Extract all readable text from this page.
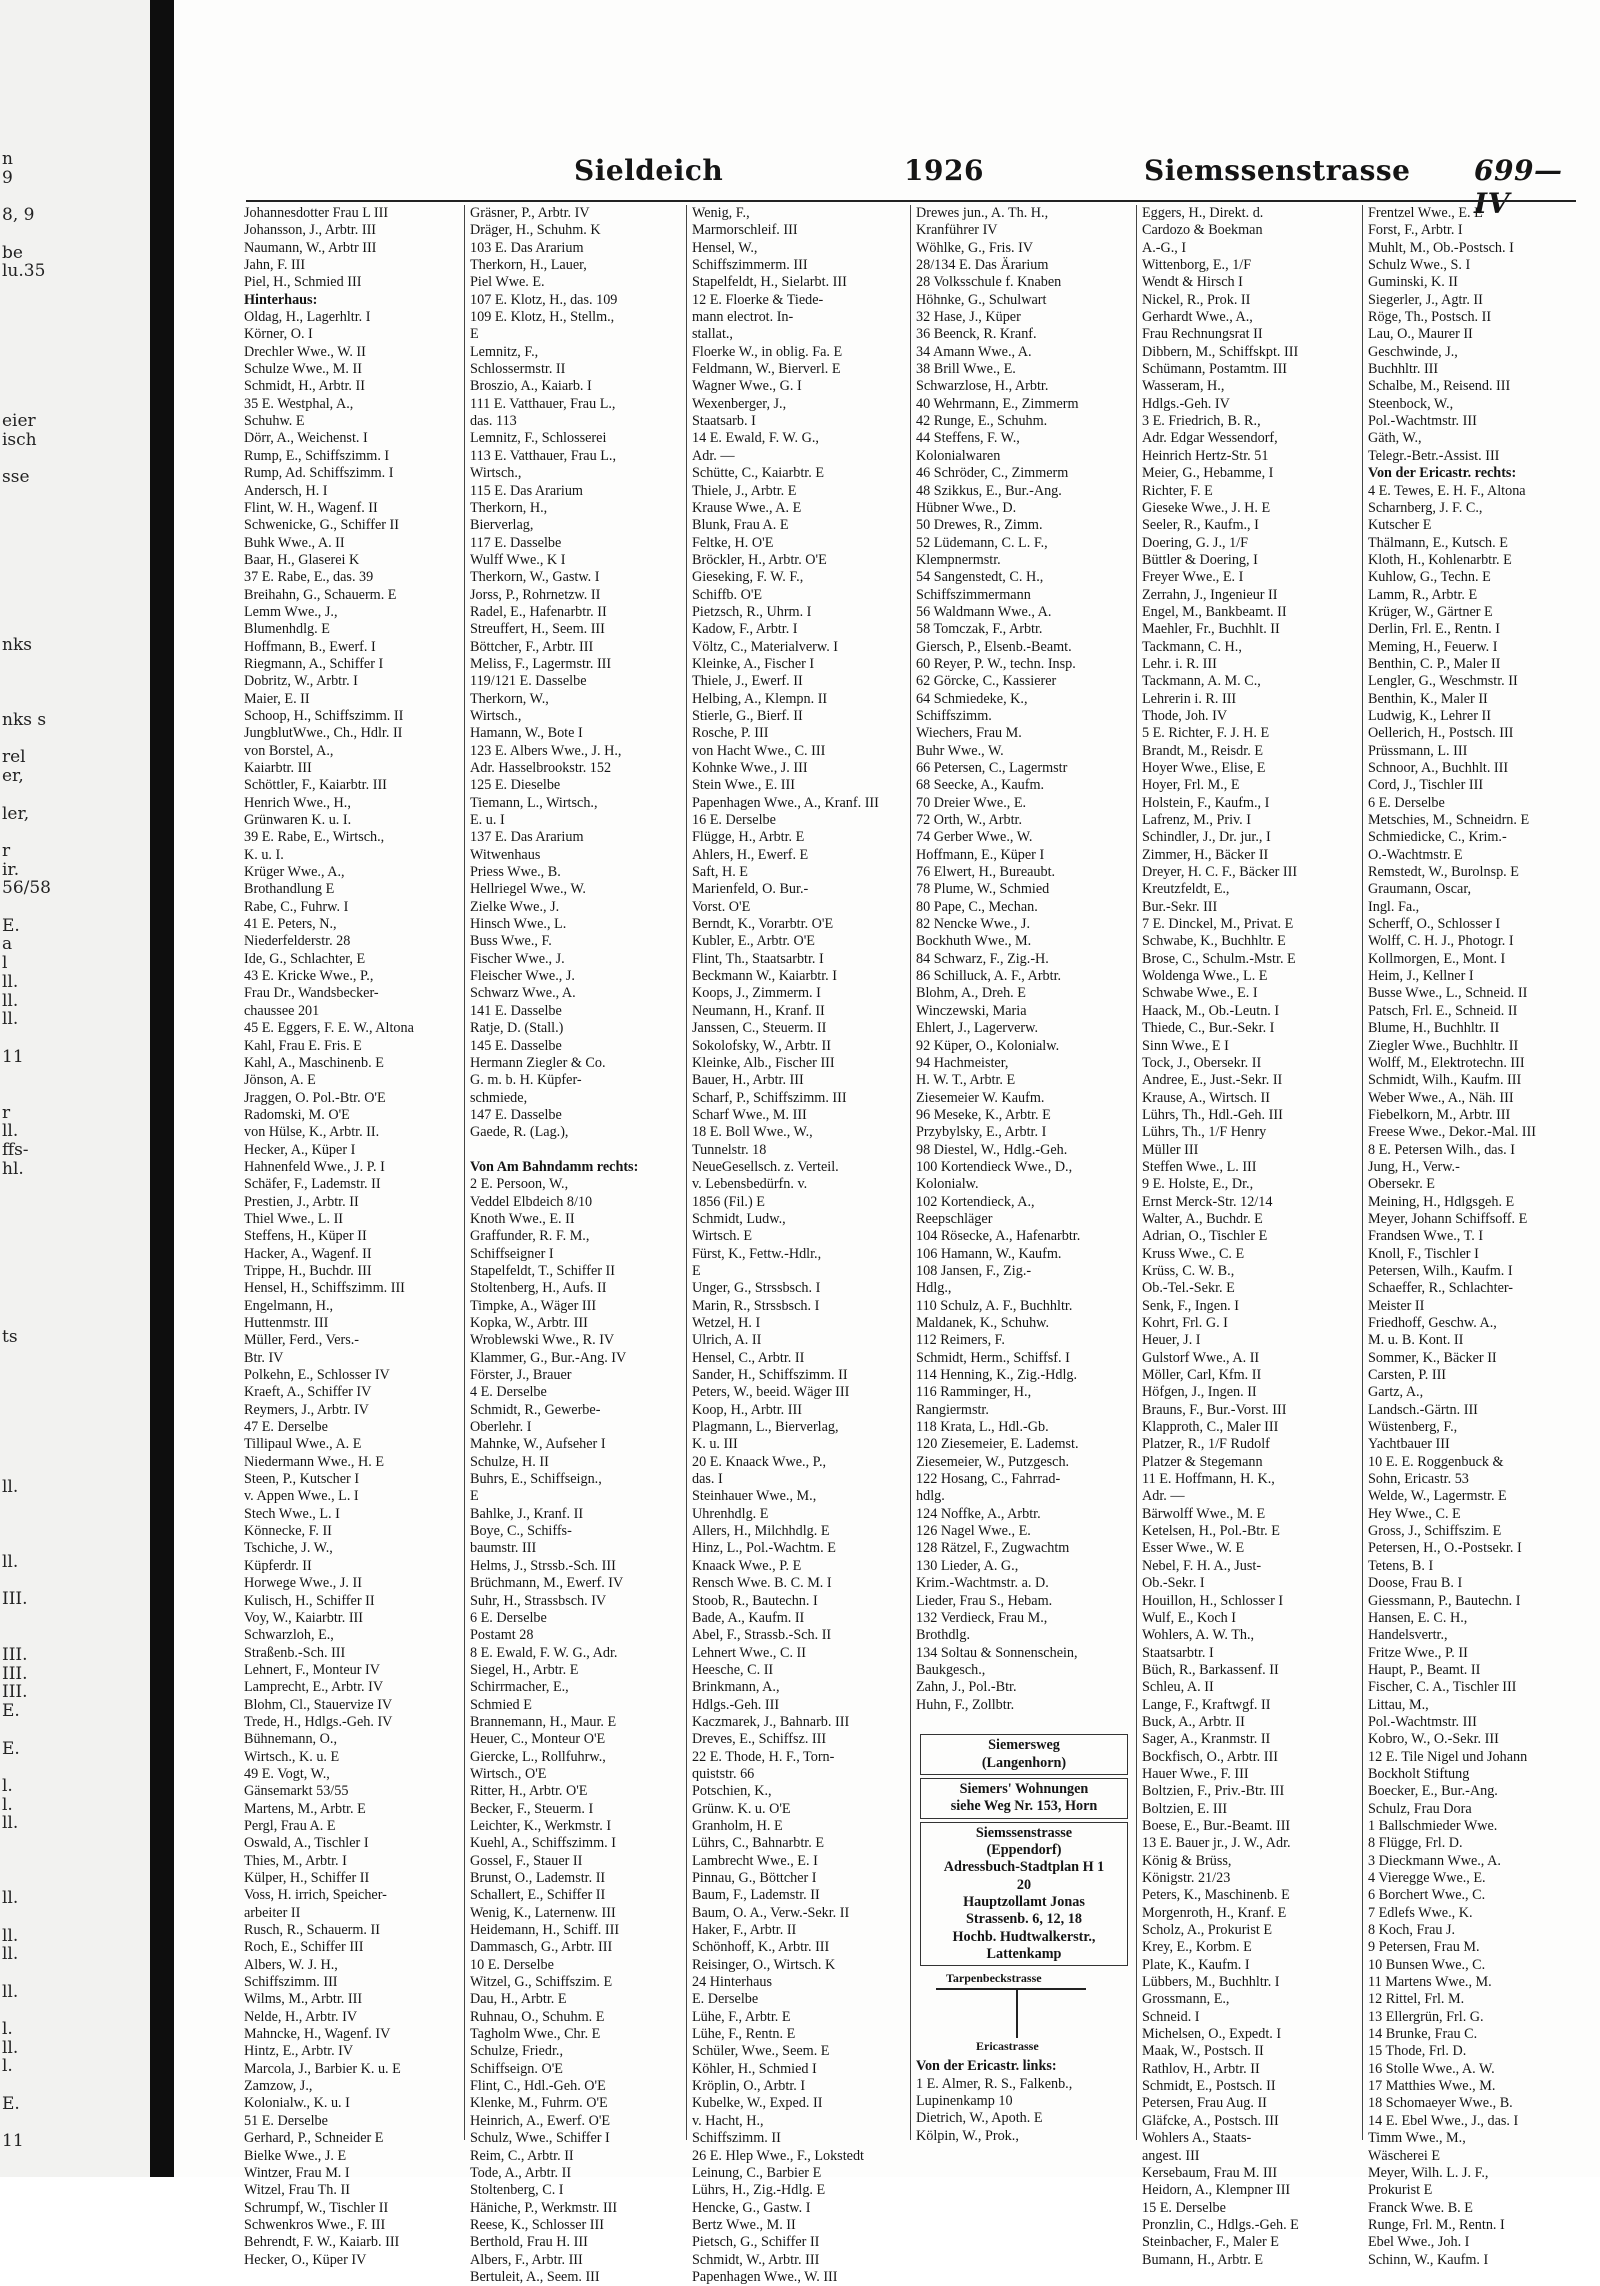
n
9
8, 9
be
lu.35
eier
isch
sse
nks
nks s
rel
er,
ler,
r
ir.
56/58
E.
a
l
ll.
ll.
ll.
11
r
ll.
ffs-
hl.
ts
ll.
ll.
III.
III.
III.
III.
E.
E.
l.
l.
ll.
ll.
ll.
ll.
ll.
l.
ll.
l.
E.
11
Sieldeich	1926	Siemssenstrasse 699—IV
Johannesdotter Frau L III
Johansson, J., Arbtr. III
Naumann, W., Arbtr III
Jahn, F. III
Piel, H., Schmied III
Hinterhaus:
Oldag, H., Lagerhltr. I
Körner, O. I
Drechler Wwe., W. II
Schulze Wwe., M. II
Schmidt, H., Arbtr. II
35 E. Westphal, A.,
Schuhw. E
Dörr, A., Weichenst. I
Rump, E., Schiffszimm. I
Rump, Ad. Schiffszimm. I
Andersch, H. I
Flint, W. H., Wagenf. II
Schwenicke, G., Schiffer II
Buhk Wwe., A. II
Baar, H., Glaserei K
37 E. Rabe, E., das. 39
Breihahn, G., Schauerm. E
Lemm Wwe., J.,
Blumenhdlg. E
Hoffmann, B., Ewerf. I
Riegmann, A., Schiffer I
Dobritz, W., Arbtr. I
Maier, E. II
Schoop, H., Schiffszimm. II
JungblutWwe., Ch., Hdlr. II
von Borstel, A.,
Kaiarbtr. III
Schöttler, F., Kaiarbtr. III
Henrich Wwe., H.,
Grünwaren K. u. I.
39 E. Rabe, E., Wirtsch.,
K. u. I.
Krüger Wwe., A.,
Brothandlung E
Rabe, C., Fuhrw. I
41 E. Peters, N.,
Niederfelderstr. 28
Ide, G., Schlachter, E
43 E. Kricke Wwe., P.,
Frau Dr., Wandsbecker-
chaussee 201
45 E. Eggers, F. E. W., Altona
Kahl, Frau E. Fris. E
Kahl, A., Maschinenb. E
Jönson, A. E
Jraggen, O. Pol.-Btr. O'E
Radomski, M. O'E
von Hülse, K., Arbtr. II.
Hecker, A., Küper I
Hahnenfeld Wwe., J. P. I
Schäfer, F., Lademstr. II
Prestien, J., Arbtr. II
Thiel Wwe., L. II
Steffens, H., Küper II
Hacker, A., Wagenf. II
Trippe, H., Buchdr. III
Hensel, H., Schiffszimm. III
Engelmann, H.,
Huttenmstr. III
Müller, Ferd., Vers.-
Btr. IV
Polkehn, E., Schlosser IV
Kraeft, A., Schiffer IV
Reymers, J., Arbtr. IV
47 E. Derselbe
Tillipaul Wwe., A. E
Niedermann Wwe., H. E
Steen, P., Kutscher I
v. Appen Wwe., L. I
Stech Wwe., L. I
Könnecke, F. II
Tschiche, J. W.,
Küpferdr. II
Horwege Wwe., J. II
Kulisch, H., Schiffer II
Voy, W., Kaiarbtr. III
Schwarzloh, E.,
Straßenb.-Sch. III
Lehnert, F., Monteur IV
Lamprecht, E., Arbtr. IV
Blohm, Cl., Stauervize IV
Trede, H., Hdlgs.-Geh. IV
Bühnemann, O.,
Wirtsch., K. u. E
49 E. Vogt, W.,
Gänsemarkt 53/55
Martens, M., Arbtr. E
Pergl, Frau A. E
Oswald, A., Tischler I
Thies, M., Arbtr. I
Külper, H., Schiffer II
Voss, H. irrich, Speicher-
arbeiter II
Rusch, R., Schauerm. II
Roch, E., Schiffer III
Albers, W. J. H.,
Schiffszimm. III
Wilms, M., Arbtr. III
Nelde, H., Arbtr. IV
Mahncke, H., Wagenf. IV
Hintz, E., Arbtr. IV
Marcola, J., Barbier K. u. E
Zamzow, J.,
Kolonialw., K. u. I
51 E. Derselbe
Gerhard, P., Schneider E
Bielke Wwe., J. E
Wintzer, Frau M. I
Witzel, Frau Th. II
Schrumpf, W., Tischler II
Schwenkros Wwe., F. III
Behrendt, F. W., Kaiarb. III
Hecker, O., Küper IV
Gräsner, P., Arbtr. IV
Dräger, H., Schuhm. K
103 E. Das Ararium
Therkorn, H., Lauer,
Piel Wwe. E.
107 E. Klotz, H., das. 109
109 E. Klotz, H., Stellm.,
E
Lemnitz, F.,
Schlossermstr. II
Broszio, A., Kaiarb. I
111 E. Vatthauer, Frau L.,
das. 113
Lemnitz, F., Schlosserei
113 E. Vatthauer, Frau L.,
Wirtsch.,
115 E. Das Ararium
Therkorn, H.,
Bierverlag,
117 E. Dasselbe
Wulff Wwe., K I
Therkorn, W., Gastw. I
Jorss, P., Rohrnetzw. II
Radel, E., Hafenarbtr. II
Streuffert, H., Seem. III
Böttcher, F., Arbtr. III
Meliss, F., Lagermstr. III
119/121 E. Dasselbe
Therkorn, W.,
Wirtsch.,
Hamann, W., Bote I
123 E. Albers Wwe., J. H.,
Adr. Hasselbrookstr. 152
125 E. Dieselbe
Tiemann, L., Wirtsch.,
E. u. I
137 E. Das Ararium
Witwenhaus
Priess Wwe., B.
Hellriegel Wwe., W.
Zielke Wwe., J.
Hinsch Wwe., L.
Buss Wwe., F.
Fischer Wwe., J.
Fleischer Wwe., J.
Schwarz Wwe., A.
141 E. Dasselbe
Ratje, D. (Stall.)
145 E. Dasselbe
Hermann Ziegler & Co.
G. m. b. H. Küpfer-
schmiede,
147 E. Dasselbe
Gaede, R. (Lag.),
Von Am Bahndamm rechts:
2 E. Persoon, W.,
Veddel Elbdeich 8/10
Knoth Wwe., E. II
Graffunder, R. F. M.,
Schiffseigner I
Stapelfeldt, T., Schiffer II
Stoltenberg, H., Aufs. II
Timpke, A., Wäger III
Kopka, W., Arbtr. III
Wroblewski Wwe., R. IV
Klammer, G., Bur.-Ang. IV
Förster, J., Brauer
4 E. Derselbe
Schmidt, R., Gewerbe-
Oberlehr. I
Mahnke, W., Aufseher I
Schulze, H. II
Buhrs, E., Schiffseign.,
E
Bahlke, J., Kranf. II
Boye, C., Schiffs-
baumstr. III
Helms, J., Strssb.-Sch. III
Brüchmann, M., Ewerf. IV
Suhr, H., Strassbsch. IV
6 E. Derselbe
Postamt 28
8 E. Ewald, F. W. G., Adr.
Siegel, H., Arbtr. E
Schirrmacher, E.,
Schmied E
Brannemann, H., Maur. E
Heuer, C., Monteur O'E
Giercke, L., Rollfuhrw.,
Wirtsch., O'E
Ritter, H., Arbtr. O'E
Becker, F., Steuerm. I
Leichter, K., Werkmstr. I
Kuehl, A., Schiffszimm. I
Gossel, F., Stauer II
Brunst, O., Lademstr. II
Schallert, E., Schiffer II
Wenig, K., Laternenw. III
Heidemann, H., Schiff. III
Dammasch, G., Arbtr. III
10 E. Derselbe
Witzel, G., Schiffszim. E
Dau, H., Arbtr. E
Ruhnau, O., Schuhm. E
Tagholm Wwe., Chr. E
Schulze, Friedr.,
Schiffseign. O'E
Flint, C., Hdl.-Geh. O'E
Klenke, M., Fuhrm. O'E
Heinrich, A., Ewerf. O'E
Schulz, Wwe., Schiffer I
Reim, C., Arbtr. II
Tode, A., Arbtr. II
Stoltenberg, C. I
Häniche, P., Werkmstr. III
Reese, K., Schlosser III
Berthold, Frau H. III
Albers, F., Arbtr. III
Bertuleit, A., Seem. III
Wenig, F.,
Marmorschleif. III
Hensel, W.,
Schiffszimmerm. III
Stapelfeldt, H., Sielarbt. III
12 E. Floerke & Tiede-
mann electrot. In-
stallat.,
Floerke W., in oblig. Fa. E
Feldmann, W., Bierverl. E
Wagner Wwe., G. I
Wexenberger, J.,
Staatsarb. I
14 E. Ewald, F. W. G.,
Adr. —
Schütte, C., Kaiarbtr. E
Thiele, J., Arbtr. E
Krause Wwe., A. E
Blunk, Frau A. E
Feltke, H. O'E
Bröckler, H., Arbtr. O'E
Gieseking, F. W. F.,
Schiffb. O'E
Pietzsch, R., Uhrm. I
Kadow, F., Arbtr. I
Völtz, C., Materialverw. I
Kleinke, A., Fischer I
Thiele, J., Ewerf. II
Helbing, A., Klempn. II
Stierle, G., Bierf. II
Rosche, P. III
von Hacht Wwe., C. III
Kohnke Wwe., J. III
Stein Wwe., E. III
Papenhagen Wwe., A., Kranf. III
16 E. Derselbe
Flügge, H., Arbtr. E
Ahlers, H., Ewerf. E
Saft, H. E
Marienfeld, O. Bur.-
Vorst. O'E
Berndt, K., Vorarbtr. O'E
Kubler, E., Arbtr. O'E
Flint, Th., Staatsarbtr. I
Beckmann W., Kaiarbtr. I
Koops, J., Zimmerm. I
Neumann, H., Kranf. II
Janssen, C., Steuerm. II
Sokolofsky, W., Arbtr. II
Kleinke, Alb., Fischer III
Bauer, H., Arbtr. III
Scharf, P., Schiffszimm. III
Scharf Wwe., M. III
18 E. Boll Wwe., W.,
Tunnelstr. 18
NeueGesellsch. z. Verteil.
v. Lebensbedürfn. v.
1856 (Fil.) E
Schmidt, Ludw.,
Wirtsch. E
Fürst, K., Fettw.-Hdlr.,
E
Unger, G., Strssbsch. I
Marin, R., Strssbsch. I
Wetzel, H. I
Ulrich, A. II
Hensel, C., Arbtr. II
Sander, H., Schiffszimm. II
Peters, W., beeid. Wäger III
Koop, H., Arbtr. III
Plagmann, L., Bierverlag,
K. u. III
20 E. Knaack Wwe., P.,
das. I
Steinhauer Wwe., M.,
Uhrenhdlg. E
Allers, H., Milchhdlg. E
Hinz, L., Pol.-Wachtm. E
Knaack Wwe., P. E
Rensch Wwe. B. C. M. I
Stoob, R., Bautechn. I
Bade, A., Kaufm. II
Abel, F., Strassb.-Sch. II
Lehnert Wwe., C. II
Heesche, C. II
Brinkmann, A.,
Hdlgs.-Geh. III
Kaczmarek, J., Bahnarb. III
Dreves, E., Schiffsz. III
22 E. Thode, H. F., Torn-
quiststr. 66
Potschien, K.,
Grünw. K. u. O'E
Granholm, H. E
Lührs, C., Bahnarbtr. E
Lambrecht Wwe., E. I
Pinnau, G., Böttcher I
Baum, F., Lademstr. II
Baum, O. A., Verw.-Sekr. II
Haker, F., Arbtr. II
Schönhoff, K., Arbtr. III
Reisinger, O., Wirtsch. K
24 Hinterhaus
E. Derselbe
Lühe, F., Arbtr. E
Lühe, F., Rentn. E
Schüler, Wwe., Seem. E
Köhler, H., Schmied I
Kröplin, O., Arbtr. I
Kubelke, W., Exped. II
v. Hacht, H.,
Schiffszimm. II
26 E. Hlep Wwe., F., Lokstedt
Leinung, C., Barbier E
Lührs, H., Zig.-Hdlg. E
Hencke, G., Gastw. I
Bertz Wwe., M. II
Pietsch, G., Schiffer II
Schmidt, W., Arbtr. III
Papenhagen Wwe., W. III
Drewes jun., A. Th. H.,
Kranführer IV
Wöhlke, G., Fris. IV
28/134 E. Das Ärarium
28 Volksschule f. Knaben
Höhnke, G., Schulwart
32 Hase, J., Küper
36 Beenck, R. Kranf.
34 Amann Wwe., A.
38 Brill Wwe., E.
Schwarzlose, H., Arbtr.
40 Wehrmann, E., Zimmerm
42 Runge, E., Schuhm.
44 Steffens, F. W.,
Kolonialwaren
46 Schröder, C., Zimmerm
48 Szikkus, E., Bur.-Ang.
Hübner Wwe., D.
50 Drewes, R., Zimm.
52 Lüdemann, C. L. F.,
Klempnermstr.
54 Sangenstedt, C. H.,
Schiffszimmermann
56 Waldmann Wwe., A.
58 Tomczak, F., Arbtr.
Giersch, P., Elsenb.-Beamt.
60 Reyer, P. W., techn. Insp.
62 Görcke, C., Kassierer
64 Schmiedeke, K.,
Schiffszimm.
Wiechers, Frau M.
Buhr Wwe., W.
66 Petersen, C., Lagermstr
68 Seecke, A., Kaufm.
70 Dreier Wwe., E.
72 Orth, W., Arbtr.
74 Gerber Wwe., W.
Hoffmann, E., Küper I
76 Elwert, H., Bureaubt.
78 Plume, W., Schmied
80 Pape, C., Mechan.
82 Nencke Wwe., J.
Bockhuth Wwe., M.
84 Schwarz, F., Zig.-H.
86 Schilluck, A. F., Arbtr.
Blohm, A., Dreh. E
Winczewski, Maria
Ehlert, J., Lagerverw.
92 Küper, O., Kolonialw.
94 Hachmeister,
H. W. T., Arbtr. E
Ziesemeier W. Kaufm.
96 Meseke, K., Arbtr. E
Przybylsky, E., Arbtr. I
98 Diestel, W., Hdlg.-Geh.
100 Kortendieck Wwe., D.,
Kolonialw.
102 Kortendieck, A.,
Reepschläger
104 Rösecke, A., Hafenarbtr.
106 Hamann, W., Kaufm.
108 Jansen, F., Zig.-
Hdlg.,
110 Schulz, A. F., Buchhltr.
Maldanek, K., Schuhw.
112 Reimers, F.
Schmidt, Herm., Schiffsf. I
114 Henning, K., Zig.-Hdlg.
116 Ramminger, H.,
Rangiermstr.
118 Krata, L., Hdl.-Gb.
120 Ziesemeier, E. Lademst.
Ziesemeier, W., Putzgesch.
122 Hosang, C., Fahrrad-
hdlg.
124 Noffke, A., Arbtr.
126 Nagel Wwe., E.
128 Rätzel, F., Zugwachtm
130 Lieder, A. G.,
Krim.-Wachtmstr. a. D.
Lieder, Frau S., Hebam.
132 Verdieck, Frau M.,
Brothdlg.
134 Soltau & Sonnenschein,
Baukgesch.,
Zahn, J., Pol.-Btr.
Huhn, F., Zollbtr.
Siemersweg
(Langenhorn)
Siemers' Wohnungen
siehe Weg Nr. 153, Horn
Siemssenstrasse
(Eppendorf)
Adressbuch-Stadtplan H 1
20
Hauptzollamt Jonas
Strassenb. 6, 12, 18
Hochb. Hudtwalkerstr.,
Lattenkamp
Tarpenbeckstrasse
Ericastrasse
Von der Ericastr. links:
1 E. Almer, R. S., Falkenb.,
Lupinenkamp 10
Dietrich, W., Apoth. E
Kölpin, W., Prok.,
Eggers, H., Direkt. d.
Cardozo & Boekman
A.-G., I
Wittenborg, E., 1/F
Wendt & Hirsch I
Nickel, R., Prok. II
Gerhardt Wwe., A.,
Frau Rechnungsrat II
Dibbern, M., Schiffskpt. III
Schümann, Postamtm. III
Wasseram, H.,
Hdlgs.-Geh. IV
3 E. Friedrich, B. R.,
Adr. Edgar Wessendorf,
Heinrich Hertz-Str. 51
Meier, G., Hebamme, I
Richter, F. E
Gieseke Wwe., J. H. E
Seeler, R., Kaufm., I
Doering, G. J., 1/F
Büttler & Doering, I
Freyer Wwe., E. I
Zerrahn, J., Ingenieur II
Engel, M., Bankbeamt. II
Maehler, Fr., Buchhlt. II
Tackmann, C. H.,
Lehr. i. R. III
Tackmann, A. M. C.,
Lehrerin i. R. III
Thode, Joh. IV
5 E. Richter, F. J. H. E
Brandt, M., Reisdr. E
Hoyer Wwe., Elise, E
Hoyer, Frl. M., E
Holstein, F., Kaufm., I
Lafrenz, M., Priv. I
Schindler, J., Dr. jur., I
Zimmer, H., Bäcker II
Dreyer, H. C. F., Bäcker III
Kreutzfeldt, E.,
Bur.-Sekr. III
7 E. Dinckel, M., Privat. E
Schwabe, K., Buchhltr. E
Brose, C., Schulm.-Mstr. E
Woldenga Wwe., L. E
Schwabe Wwe., E. I
Haack, M., Ob.-Leutn. I
Thiede, C., Bur.-Sekr. I
Sinn Wwe., E I
Tock, J., Obersekr. II
Andree, E., Just.-Sekr. II
Krause, A., Wirtsch. II
Lührs, Th., Hdl.-Geh. III
Lührs, Th., 1/F Henry
Müller III
Steffen Wwe., L. III
9 E. Holste, E., Dr.,
Ernst Merck-Str. 12/14
Walter, A., Buchdr. E
Adrian, O., Tischler E
Kruss Wwe., C. E
Krüss, C. W. B.,
Ob.-Tel.-Sekr. E
Senk, F., Ingen. I
Kohrt, Frl. G. I
Heuer, J. I
Gulstorf Wwe., A. II
Möller, Carl, Kfm. II
Höfgen, J., Ingen. II
Brauns, F., Bur.-Vorst. III
Klapproth, C., Maler III
Platzer, R., 1/F Rudolf
Platzer & Stegemann
11 E. Hoffmann, H. K.,
Adr. —
Bärwolff Wwe., M. E
Ketelsen, H., Pol.-Btr. E
Esser Wwe., W. E
Nebel, F. H. A., Just-
Ob.-Sekr. I
Houillon, H., Schlosser I
Wulf, E., Koch I
Wohlers, A. W. Th.,
Staatsarbtr. I
Büch, R., Barkassenf. II
Schleu, A. II
Lange, F., Kraftwgf. II
Buck, A., Arbtr. II
Sager, A., Kranmstr. II
Bockfisch, O., Arbtr. III
Hauer Wwe., F. III
Boltzien, F., Priv.-Btr. III
Boltzien, E. III
Boese, E., Bur.-Beamt. III
13 E. Bauer jr., J. W., Adr.
König & Brüss,
Königstr. 21/23
Peters, K., Maschinenb. E
Morgenroth, H., Kranf. E
Scholz, A., Prokurist E
Krey, E., Korbm. E
Plate, K., Kaufm. I
Lübbers, M., Buchhltr. I
Grossmann, E.,
Schneid. I
Michelsen, O., Expedt. I
Maak, W., Postsch. II
Rathlov, H., Arbtr. II
Schmidt, E., Postsch. II
Petersen, Frau Aug. II
Gläfcke, A., Postsch. III
Wohlers A., Staats-
angest. III
Kersebaum, Frau M. III
Heidorn, A., Klempner III
15 E. Derselbe
Pronzlin, C., Hdlgs.-Geh. E
Steinbacher, F., Maler E
Bumann, H., Arbtr. E
Frentzel Wwe., E. E
Forst, F., Arbtr. I
Muhlt, M., Ob.-Postsch. I
Schulz Wwe., S. I
Guminski, K. II
Siegerler, J., Agtr. II
Röge, Th., Postsch. II
Lau, O., Maurer II
Geschwinde, J.,
Buchhltr. III
Schalbe, M., Reisend. III
Steenbock, W.,
Pol.-Wachtmstr. III
Gäth, W.,
Telegr.-Betr.-Assist. III
Von der Ericastr. rechts:
4 E. Tewes, E. H. F., Altona
Scharnberg, J. F. C.,
Kutscher E
Thälmann, E., Kutsch. E
Kloth, H., Kohlenarbtr. E
Kuhlow, G., Techn. E
Lamm, R., Arbtr. E
Krüger, W., Gärtner E
Derlin, Frl. E., Rentn. I
Meming, H., Feuerw. I
Benthin, C. P., Maler II
Lengler, G., Weschmstr. II
Benthin, K., Maler II
Ludwig, K., Lehrer II
Oellerich, H., Postsch. III
Prüssmann, L. III
Schnoor, A., Buchhlt. III
Cord, J., Tischler III
6 E. Derselbe
Metschies, M., Schneidrn. E
Schmiedicke, C., Krim.-
O.-Wachtmstr. E
Remstedt, W., Burolnsp. E
Graumann, Oscar,
Ingl. Fa.,
Scherff, O., Schlosser I
Wolff, C. H. J., Photogr. I
Kollmorgen, E., Mont. I
Heim, J., Kellner I
Busse Wwe., L., Schneid. II
Patsch, Frl. E., Schneid. II
Blume, H., Buchhltr. II
Ziegler Wwe., Buchhltr. II
Wolff, M., Elektrotechn. III
Schmidt, Wilh., Kaufm. III
Weber Wwe., A., Näh. III
Fiebelkorn, M., Arbtr. III
Freese Wwe., Dekor.-Mal. III
8 E. Petersen Wilh., das. I
Jung, H., Verw.-
Obersekr. E
Meining, H., Hdlgsgeh. E
Meyer, Johann Schiffsoff. E
Frandsen Wwe., T. I
Knoll, F., Tischler I
Petersen, Wilh., Kaufm. I
Schaeffer, R., Schlachter-
Meister II
Friedhoff, Geschw. A.,
M. u. B. Kont. II
Sommer, K., Bäcker II
Carsten, P. III
Gartz, A.,
Landsch.-Gärtn. III
Wüstenberg, F.,
Yachtbauer III
10 E. E. Roggenbuck &
Sohn, Ericastr. 53
Welde, W., Lagermstr. E
Hey Wwe., C. E
Gross, J., Schiffszim. E
Petersen, H., O.-Postsekr. I
Tetens, B. I
Doose, Frau B. I
Giessmann, P., Bautechn. I
Hansen, E. C. H.,
Handelsvertr.,
Fritze Wwe., P. II
Haupt, P., Beamt. II
Fischer, C. A., Tischler III
Littau, M.,
Pol.-Wachtmstr. III
Kobro, W., O.-Sekr. III
12 E. Tile Nigel und Johann
Bockholt Stiftung
Boecker, E., Bur.-Ang.
Schulz, Frau Dora
1 Ballschmieder Wwe.
8 Flügge, Frl. D.
3 Dieckmann Wwe., A.
4 Vieregge Wwe., E.
6 Borchert Wwe., C.
7 Edlefs Wwe., K.
8 Koch, Frau J.
9 Petersen, Frau M.
10 Bunsen Wwe., C.
11 Martens Wwe., M.
12 Rittel, Frl. M.
13 Ellergrün, Frl. G.
14 Brunke, Frau C.
15 Thode, Frl. D.
16 Stolle Wwe., A. W.
17 Matthies Wwe., M.
18 Schomaeyer Wwe., B.
14 E. Ebel Wwe., J., das. I
Timm Wwe., M.,
Wäscherei E
Meyer, Wilh. L. J. F.,
Prokurist E
Franck Wwe. B. E
Runge, Frl. M., Rentn. I
Ebel Wwe., Joh. I
Schinn, W., Kaufm. I
